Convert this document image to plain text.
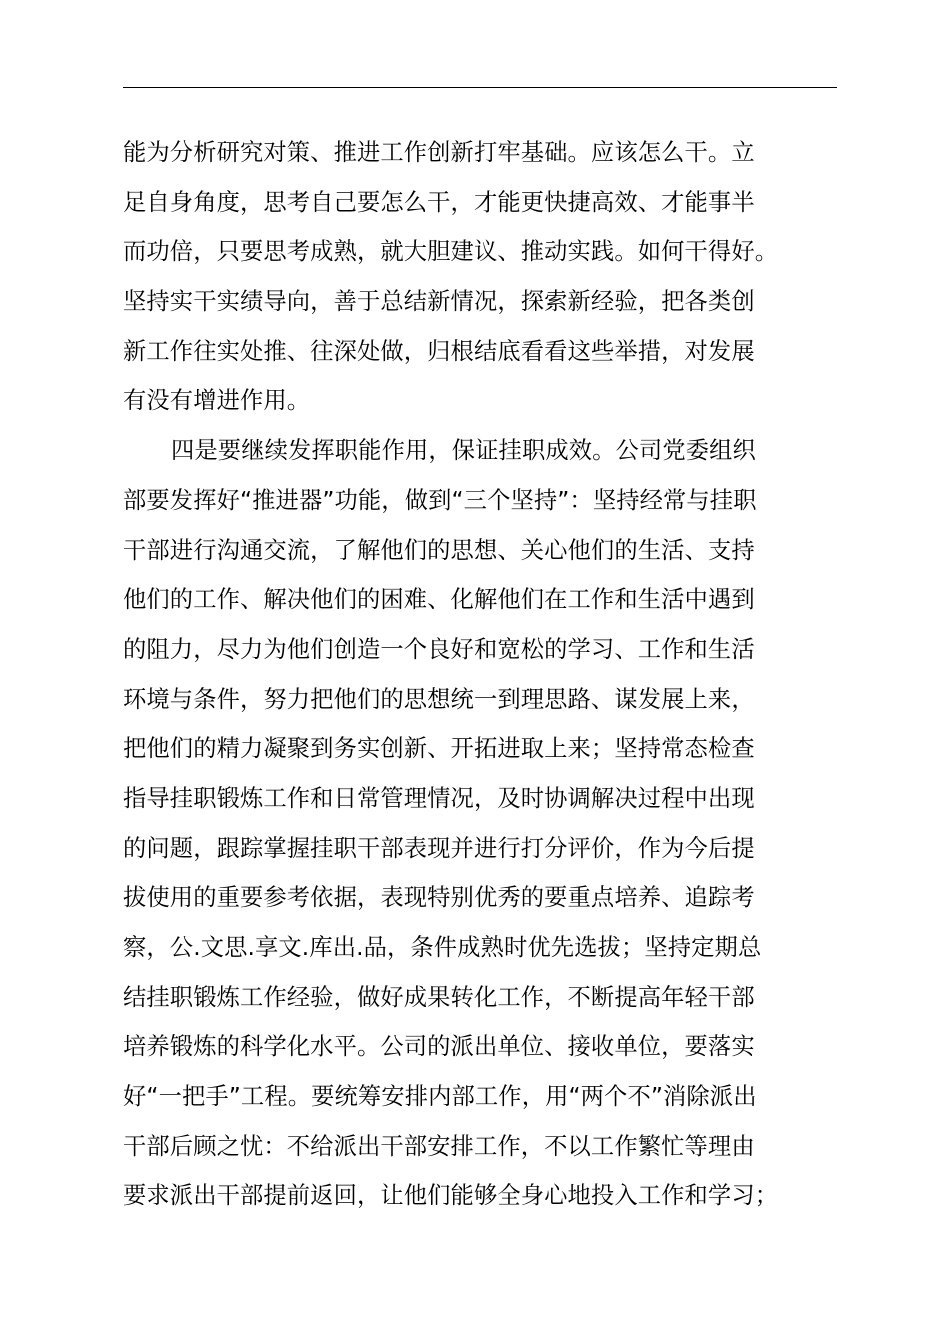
能为分析研究对策、推进工作创新打牢基础。应该怎么干。立
足自身角度，思考自己要怎么干，才能更快捷高效、才能事半
而功倍，只要思考成熟，就大胆建议、推动实践。如何干得好。
坚持实干实绩导向，善于总结新情况，探索新经验，把各类创
新工作往实处推、往深处做，归根结底看看这些举措，对发展
有没有增进作用。
四是要继续发挥职能作用，保证挂职成效。公司党委组织
部要发挥好“推进器”功能，做到“三个坚持”：坚持经常与挂职
干部进行沟通交流，了解他们的思想、关心他们的生活、支持
他们的工作、解决他们的困难、化解他们在工作和生活中遇到
的阻力，尽力为他们创造一个良好和宽松的学习、工作和生活
环境与条件，努力把他们的思想统一到理思路、谋发展上来，
把他们的精力凝聚到务实创新、开拓进取上来；坚持常态检查
指导挂职锻炼工作和日常管理情况，及时协调解决过程中出现
的问题，跟踪掌握挂职干部表现并进行打分评价，作为今后提
拔使用的重要参考依据，表现特别优秀的要重点培养、追踪考
察，公.文思.享文.库出.品，条件成熟时优先选拔；坚持定期总
结挂职锻炼工作经验，做好成果转化工作，不断提高年轻干部
培养锻炼的科学化水平。公司的派出单位、接收单位，要落实
好“一把手”工程。要统筹安排内部工作，用“两个不”消除派出
干部后顾之忧：不给派出干部安排工作，不以工作繁忙等理由
要求派出干部提前返回，让他们能够全身心地投入工作和学习；
